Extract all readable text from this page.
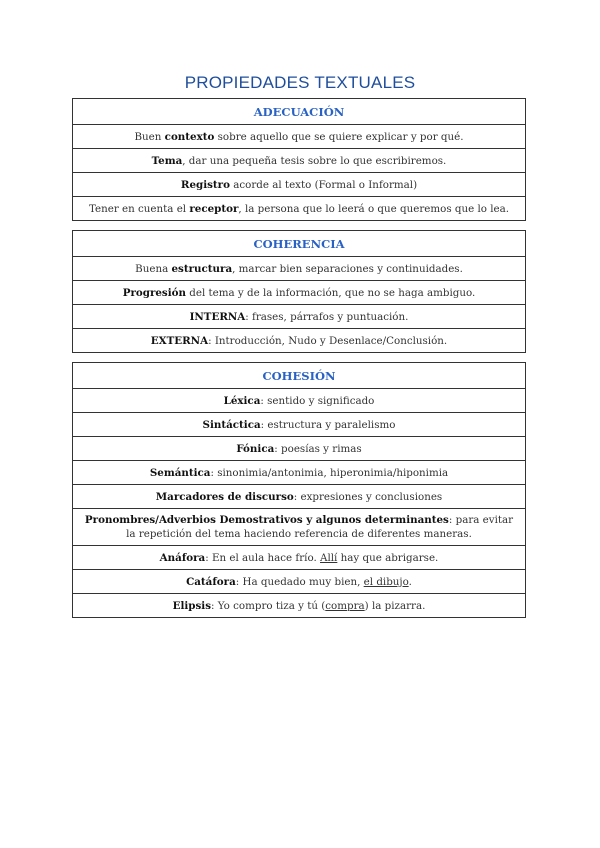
PROPIEDADES TEXTUALES
ADECUACIÓN
Buen contexto sobre aquello que se quiere explicar y por qué.
Tema, dar una pequeña tesis sobre lo que escribiremos.
Registro acorde al texto (Formal o Informal)
Tener en cuenta el receptor, la persona que lo leerá o que queremos que lo lea.
COHERENCIA
Buena estructura, marcar bien separaciones y continuidades.
Progresión del tema y de la información, que no se haga ambiguo.
INTERNA: frases, párrafos y puntuación.
EXTERNA: Introducción, Nudo y Desenlace/Conclusión.
COHESIÓN
Léxica: sentido y significado
Sintáctica: estructura y paralelismo
Fónica: poesías y rimas
Semántica: sinonimia/antonimia, hiperonimia/hiponimia
Marcadores de discurso: expresiones y conclusiones
Pronombres/Adverbios Demostrativos y algunos determinantes: para evitar la repetición del tema haciendo referencia de diferentes maneras.
Anáfora: En el aula hace frío. Allí hay que abrigarse.
Catáfora: Ha quedado muy bien, el dibujo.
Elipsis: Yo compro tiza y tú (compra) la pizarra.
